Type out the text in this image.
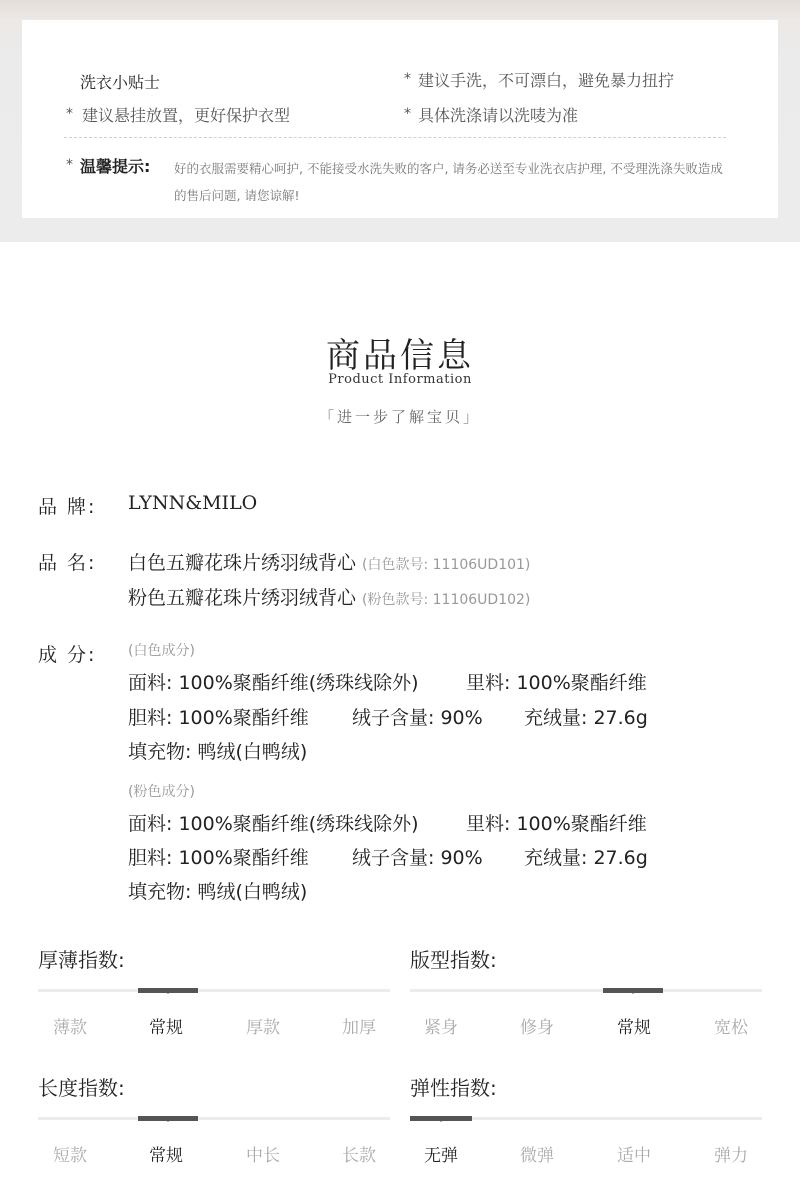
洗衣小贴士	* 建议手洗，不可漂白，避免暴力扭拧
* 建议悬挂放置，更好保护衣型	* 具体洗涤请以洗唛为准
* 温馨提示: 好的衣服需要精心呵护, 不能接受水洗失败的客户, 请务必送至专业洗衣店护理, 不受理洗涤失败造成的售后问题, 请您谅解!
商品信息
Product Information
「进一步了解宝贝」
品 牌: LYNN&MILO
品 名: 白色五瓣花珠片绣羽绒背心 (白色款号: 11106UD101)
粉色五瓣花珠片绣羽绒背心 (粉色款号: 11106UD102)
成 分: (白色成分)
面料: 100%聚酯纤维(绣珠线除外) 里料: 100%聚酯纤维
胆料: 100%聚酯纤维 绒子含量: 90% 充绒量: 27.6g
填充物: 鸭绒(白鸭绒)
(粉色成分)
面料: 100%聚酯纤维(绣珠线除外) 里料: 100%聚酯纤维
胆料: 100%聚酯纤维 绒子含量: 90% 充绒量: 27.6g
填充物: 鸭绒(白鸭绒)
厚薄指数:
薄款	常规	厚款	加厚
版型指数:
紧身	修身	常规	宽松
长度指数:
短款	常规	中长	长款
弹性指数:
无弹	微弹	适中	弹力
